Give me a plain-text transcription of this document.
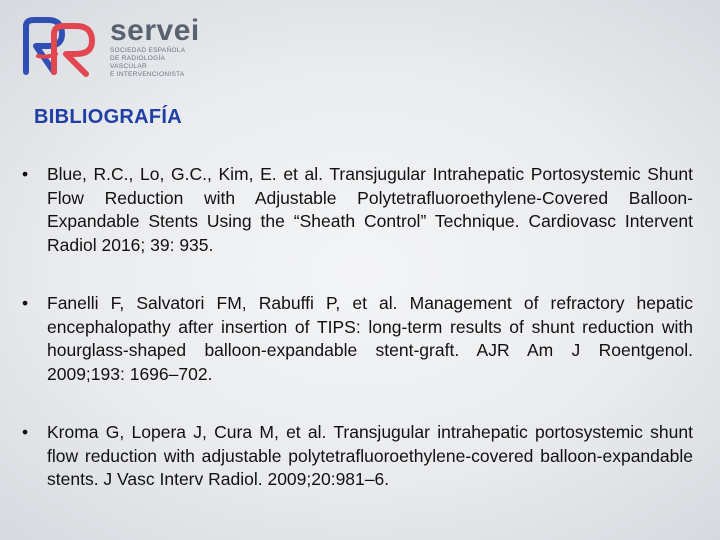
servei
SOCIEDAD ESPAÑOLA
DE RADIOLOGÍA
VASCULAR
E INTERVENCIONISTA
BIBLIOGRAFÍA
•	Blue, R.C., Lo, G.C., Kim, E. et al. Transjugular Intrahepatic Portosystemic Shunt Flow Reduction with Adjustable Polytetrafluoroethylene-Covered Balloon-Expandable Stents Using the “Sheath Control” Technique. Cardiovasc Intervent Radiol 2016; 39: 935.
•	Fanelli F, Salvatori FM, Rabuffi P, et al. Management of refractory hepatic encephalopathy after insertion of TIPS: long-term results of shunt reduction with hourglass-shaped balloon-expandable stent-graft. AJR Am J Roentgenol. 2009;193: 1696–702.
•	Kroma G, Lopera J, Cura M, et al. Transjugular intrahepatic portosystemic shunt flow reduction with adjustable polytetrafluoroethylene-covered balloon-expandable stents. J Vasc Interv Radiol. 2009;20:981–6.
